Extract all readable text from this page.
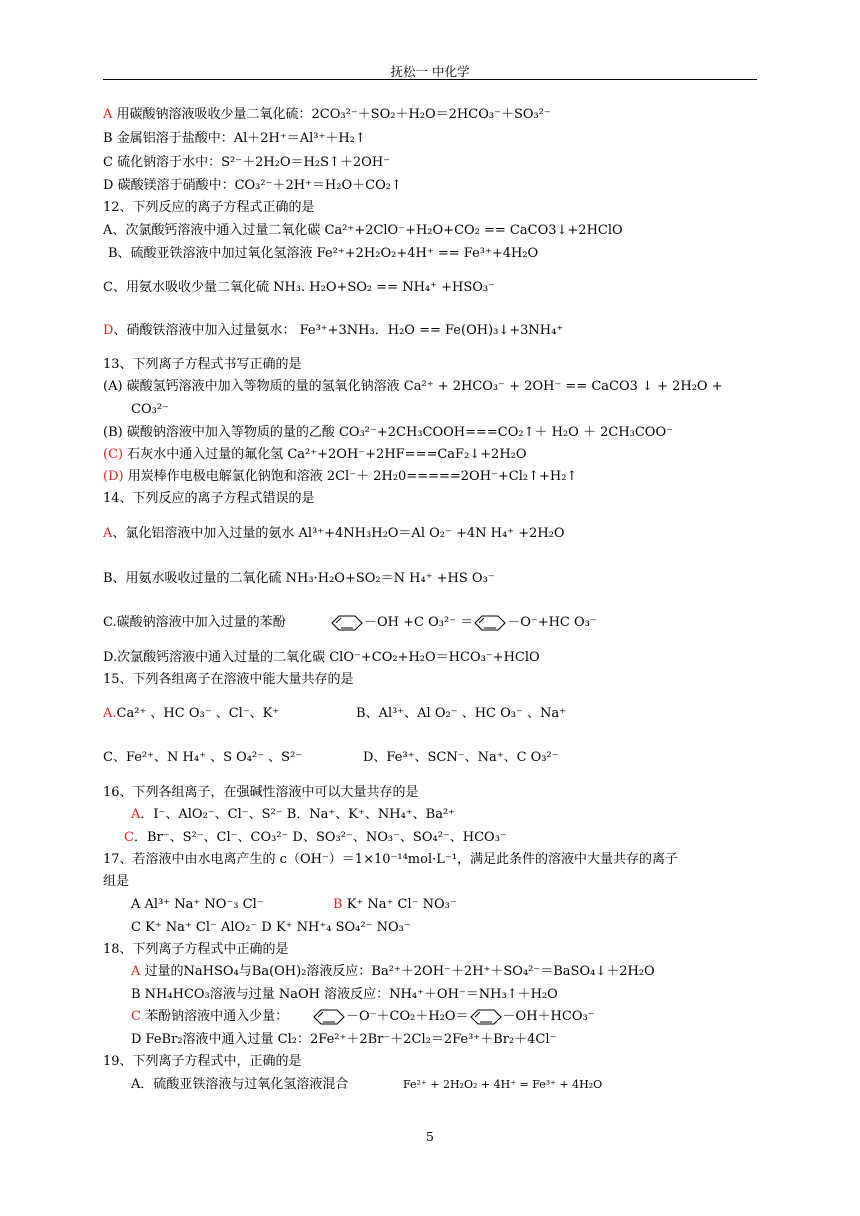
抚松一 中化学
A 用碳酸钠溶液吸收少量二氧化硫：2CO₃²⁻＋SO₂＋H₂O＝2HCO₃⁻＋SO₃²⁻
B 金属铝溶于盐酸中：Al＋2H⁺＝Al³⁺＋H₂↑
C 硫化钠溶于水中：S²⁻＋2H₂O＝H₂S↑＋2OH⁻
D 碳酸镁溶于硝酸中：CO₃²⁻＋2H⁺＝H₂O＋CO₂↑
12、下列反应的离子方程式正确的是
A、次氯酸钙溶液中通入过量二氧化碳 Ca²⁺+2ClO⁻+H₂O+CO₂ == CaCO3↓+2HClO
B、硫酸亚铁溶液中加过氧化氢溶液 Fe²⁺+2H₂O₂+4H⁺ == Fe³⁺+4H₂O
C、用氨水吸收少量二氧化硫 NH₃. H₂O+SO₂ == NH₄⁺ +HSO₃⁻
D、硝酸铁溶液中加入过量氨水： Fe³⁺+3NH₃．H₂O == Fe(OH)₃↓+3NH₄⁺
13、下列离子方程式书写正确的是
(A) 碳酸氢钙溶液中加入等物质的量的氢氧化钠溶液 Ca²⁺ + 2HCO₃⁻ + 2OH⁻ == CaCO3 ↓ + 2H₂O +
CO₃²⁻
(B) 碳酸钠溶液中加入等物质的量的乙酸 CO₃²⁻+2CH₃COOH===CO₂↑＋ H₂O ＋ 2CH₃COO⁻
(C) 石灰水中通入过量的氟化氢 Ca²⁺+2OH⁻+2HF===CaF₂↓+2H₂O
(D) 用炭棒作电极电解氯化钠饱和溶液 2Cl⁻＋ 2H₂0=====2OH⁻+Cl₂↑+H₂↑
14、下列反应的离子方程式错误的是
A、氯化铝溶液中加入过量的氨水 Al³⁺+4NH₃H₂O＝Al O₂⁻ +4N H₄⁺ +2H₂O
B、用氨水吸收过量的二氧化硫 NH₃·H₂O+SO₂＝N H₄⁺ +HS O₃⁻
C.碳酸钠溶液中加入过量的苯酚
D.次氯酸钙溶液中通入过量的二氧化碳 ClO⁻+CO₂+H₂O＝HCO₃⁻+HClO
15、下列各组离子在溶液中能大量共存的是
A.Ca²⁺ 、HC O₃⁻ 、Cl⁻、K⁺	B、Al³⁺、Al O₂⁻ 、HC O₃⁻ 、Na⁺
C、Fe²⁺、N H₄⁺ 、S O₄²⁻ 、S²⁻	D、Fe³⁺、SCN⁻、Na⁺、C O₃²⁻
16、下列各组离子，在强碱性溶液中可以大量共存的是
A．I⁻、AlO₂⁻、Cl⁻、S²⁻ B．Na⁺、K⁺、NH₄⁺、Ba²⁺
C．Br⁻、S²⁻、Cl⁻、CO₃²⁻ D、SO₃²⁻、NO₃⁻、SO₄²⁻、HCO₃⁻
17、若溶液中由水电离产生的 c（OH⁻）＝1×10⁻¹⁴mol·L⁻¹，满足此条件的溶液中大量共存的离子
组是
A Al³⁺ Na⁺ NO⁻₃ Cl⁻	B K⁺ Na⁺ Cl⁻ NO₃⁻
C K⁺ Na⁺ Cl⁻ AlO₂⁻ D K⁺ NH⁺₄ SO₄²⁻ NO₃⁻
18、下列离子方程式中正确的是
A 过量的NaHSO₄与Ba(OH)₂溶液反应：Ba²⁺＋2OH⁻＋2H⁺＋SO₄²⁻＝BaSO₄↓＋2H₂O
B NH₄HCO₃溶液与过量 NaOH 溶液反应：NH₄⁺＋OH⁻＝NH₃↑＋H₂O
C 苯酚钠溶液中通入少量：
D FeBr₂溶液中通入过量 Cl₂：2Fe²⁺＋2Br⁻＋2Cl₂＝2Fe³⁺＋Br₂＋4Cl⁻
19、下列离子方程式中，正确的是
A．硫酸亚铁溶液与过氧化氢溶液混合	Fe²⁺ + 2H₂O₂ + 4H⁺ = Fe³⁺ + 4H₂O
－OH +C O₃²⁻ ＝	－O⁻+HC O₃⁻
－O⁻＋CO₂＋H₂O＝	－OH＋HCO₃⁻
5
